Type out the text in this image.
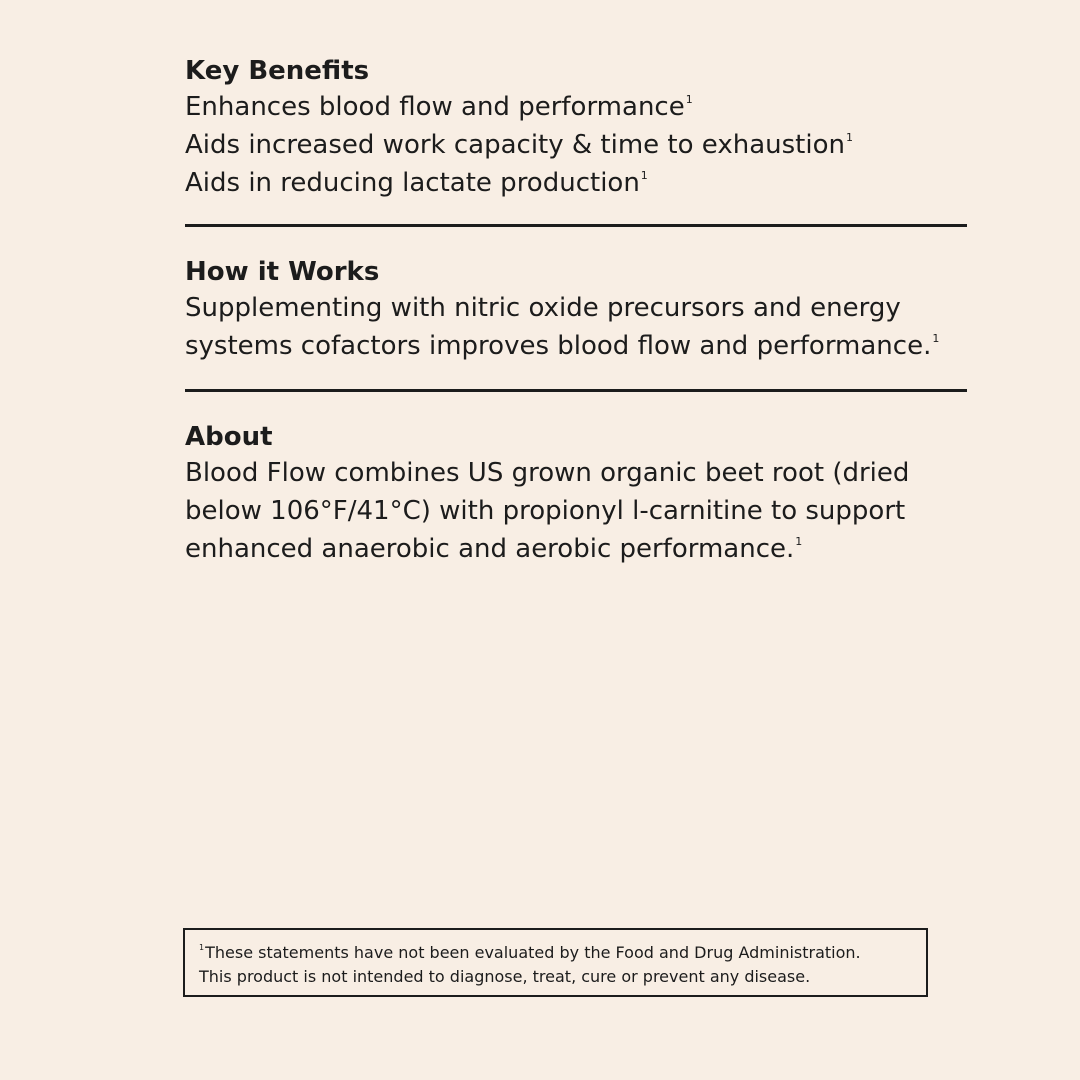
Key Benefits

Enhances blood flow and performance$^1$

Aids increased work capacity & time to exhaustion$^1$

Aids in reducing lactate production$^1$

How it Works

Supplementing with nitric oxide precursors and energy systems cofactors improves blood flow and performance.$^1$

About

Blood Flow combines US grown organic beet root (dried below 106°F/41°C) with propionyl l-carnitine to support enhanced anaerobic and aerobic performance.$^1$

$^1$These statements have not been evaluated by the Food and Drug Administration.

This product is not intended to diagnose, treat, cure or prevent any disease.
